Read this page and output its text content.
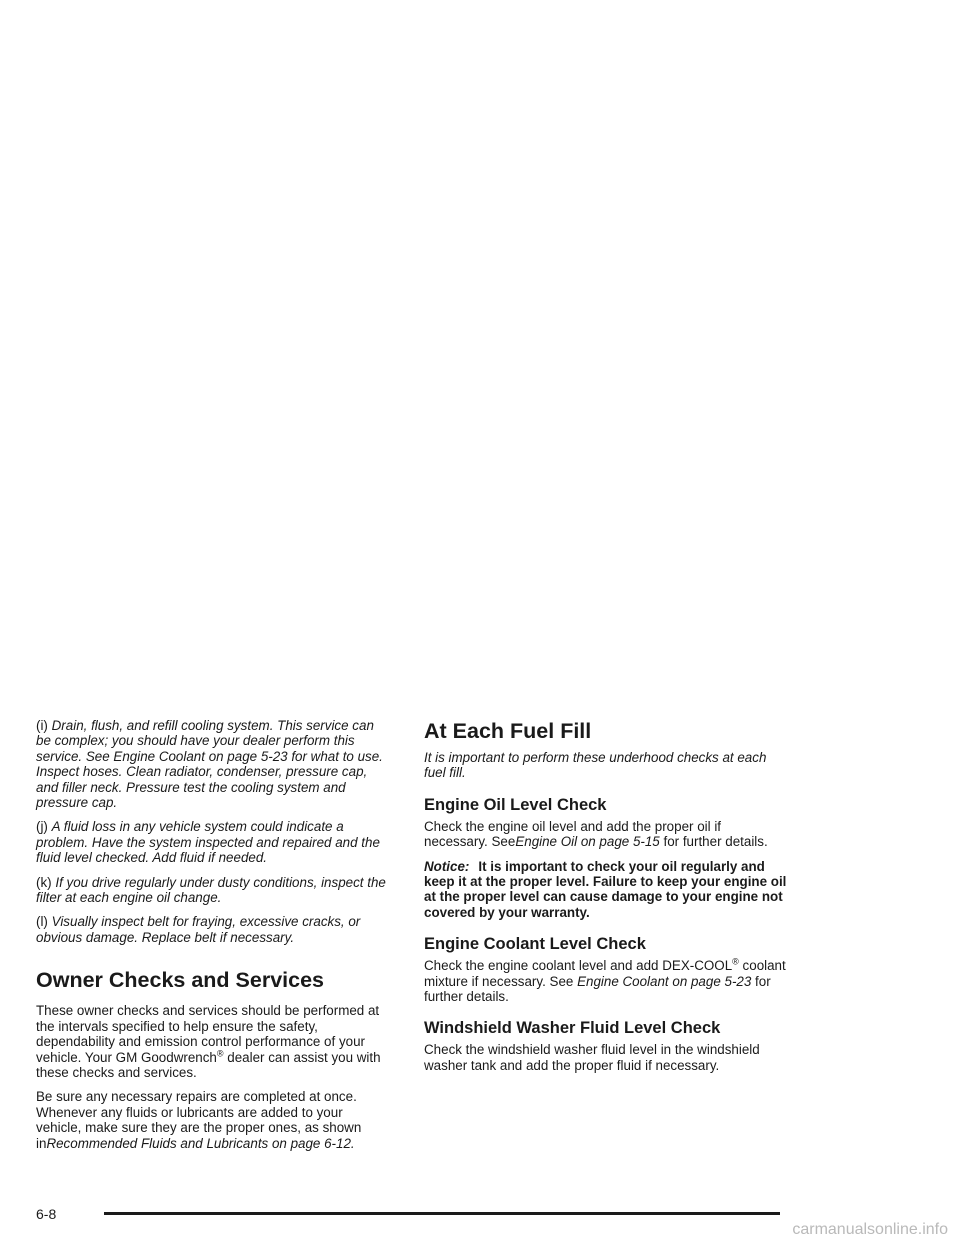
(i) Drain, flush, and refill cooling system. This service can be complex; you should have your dealer perform this service. See Engine Coolant on page 5-23 for what to use. Inspect hoses. Clean radiator, condenser, pressure cap, and filler neck. Pressure test the cooling system and pressure cap.
(j) A fluid loss in any vehicle system could indicate a problem. Have the system inspected and repaired and the fluid level checked. Add fluid if needed.
(k) If you drive regularly under dusty conditions, inspect the filter at each engine oil change.
(l) Visually inspect belt for fraying, excessive cracks, or obvious damage. Replace belt if necessary.
Owner Checks and Services

These owner checks and services should be performed at the intervals specified to help ensure the safety, dependability and emission control performance of your vehicle. Your GM Goodwrench® dealer can assist you with these checks and services.

Be sure any necessary repairs are completed at once. Whenever any fluids or lubricants are added to your vehicle, make sure they are the proper ones, as shown inRecommended Fluids and Lubricants on page 6-12.

At Each Fuel Fill

It is important to perform these underhood checks at each fuel fill.

Engine Oil Level Check

Check the engine oil level and add the proper oil if necessary. SeeEngine Oil on page 5-15 for further details.

Notice: It is important to check your oil regularly and keep it at the proper level. Failure to keep your engine oil at the proper level can cause damage to your engine not covered by your warranty.

Engine Coolant Level Check

Check the engine coolant level and add DEX-COOL® coolant mixture if necessary. See Engine Coolant on page 5-23 for further details.

Windshield Washer Fluid Level Check

Check the windshield washer fluid level in the windshield washer tank and add the proper fluid if necessary.

6-8
carmanualsonline.info
